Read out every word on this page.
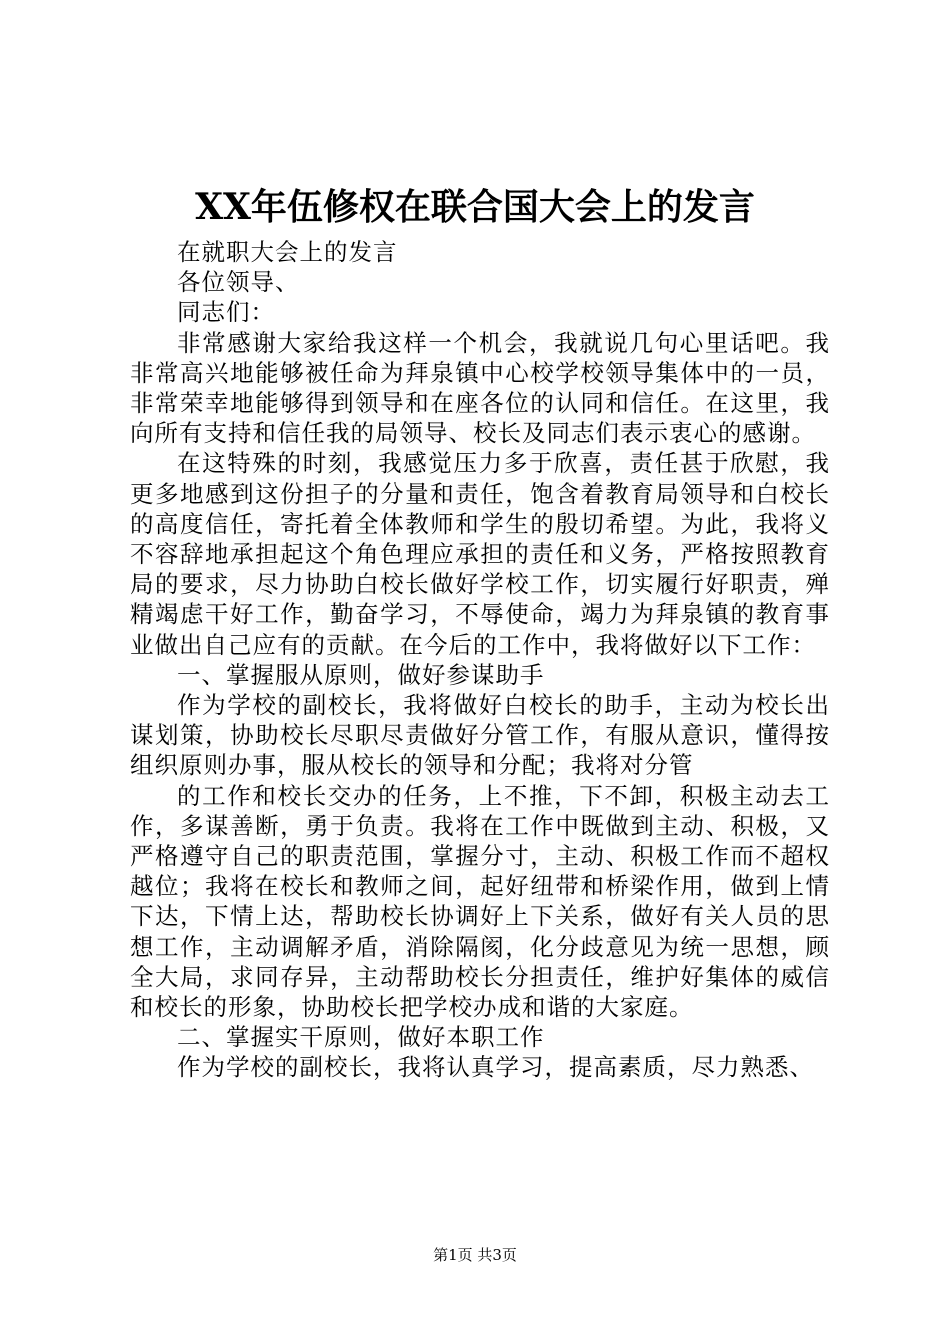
XX年伍修权在联合国大会上的发言

在就职大会上的发言

各位领导、

同志们：

非常感谢大家给我这样一个机会，我就说几句心里话吧。我非常高兴地能够被任命为拜泉镇中心校学校领导集体中的一员，非常荣幸地能够得到领导和在座各位的认同和信任。在这里，我向所有支持和信任我的局领导、校长及同志们表示衷心的感谢。

在这特殊的时刻，我感觉压力多于欣喜，责任甚于欣慰，我更多地感到这份担子的分量和责任，饱含着教育局领导和白校长的高度信任，寄托着全体教师和学生的殷切希望。为此，我将义不容辞地承担起这个角色理应承担的责任和义务，严格按照教育局的要求，尽力协助白校长做好学校工作，切实履行好职责，殚精竭虑干好工作，勤奋学习，不辱使命，竭力为拜泉镇的教育事业做出自己应有的贡献。在今后的工作中，我将做好以下工作：

一、掌握服从原则，做好参谋助手

作为学校的副校长，我将做好白校长的助手，主动为校长出谋划策，协助校长尽职尽责做好分管工作，有服从意识，懂得按组织原则办事，服从校长的领导和分配；我将对分管

的工作和校长交办的任务，上不推，下不卸，积极主动去工作，多谋善断，勇于负责。我将在工作中既做到主动、积极，又严格遵守自己的职责范围，掌握分寸，主动、积极工作而不超权越位；我将在校长和教师之间，起好纽带和桥梁作用，做到上情下达，下情上达，帮助校长协调好上下关系，做好有关人员的思想工作，主动调解矛盾，消除隔阂，化分歧意见为统一思想，顾全大局，求同存异，主动帮助校长分担责任，维护好集体的威信和校长的形象，协助校长把学校办成和谐的大家庭。

二、掌握实干原则，做好本职工作

作为学校的副校长，我将认真学习，提高素质，尽力熟悉、

第1页 共3页
